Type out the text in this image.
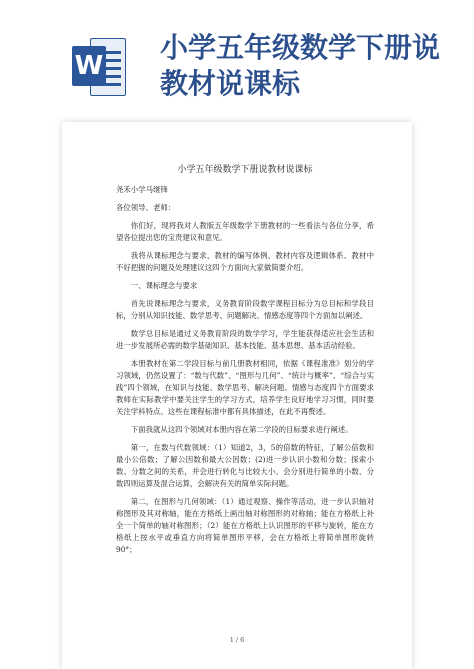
W
小学五年级数学下册说教材说课标
小学五年级数学下册说教材说课标

尧禾小学马继锋

各位领导、老师：

你们好，现将我对人教版五年级数学下册教材的一些看法与各位分享，希望各位提出您的宝贵建议和意见。

我将从课标理念与要求、教材的编写体例、教材内容及逻辑体系、教材中不好把握的问题及处理建议这四个方面向大家做简要介绍。

一、课标理念与要求

首先说课标理念与要求，义务教育阶段数学课程目标分为总目标和学段目标，分别从知识技能、数学思考、问题解决、情感态度等四个方面加以阐述。

数学总目标是通过义务教育阶段的数学学习，学生能获得适应社会生活和进一步发展所必需的数学基础知识、基本技能、基本思想、基本活动经验。

本册教材在第二学段目标与前几册教材相同，依据《课程准准》划分的学习领域，仍然设置了：“数与代数”、“图形与几何”、“统计与概率”、“综合与实践”四个领域，在知识与技能、数学思考、解决问题、情感与态度四个方面要求教师在实际教学中要关注学生的学习方式，培养学生良好地学习习惯，同时要关注学科特点。这些在课程标准中都有具体描述，在此不再赘述。

下面我就从这四个领域对本册内容在第二学段的目标要求进行阐述。

第一，在数与代数领域：（1）知道2，3，5的倍数的特征，了解公倍数和最小公倍数；了解公因数和最大公因数；(2)进一步认识小数和分数；探索小数、分数之间的关系，并会进行转化与比较大小。会分别进行简单的小数、分数四则运算及混合运算，会解决有关的简单实际问题。

第二，在图形与几何领域：（1）通过观察、操作等活动，进一步认识轴对称图形及其对称轴，能在方格纸上画出轴对称图形的对称轴；能在方格纸上补全一个简单的轴对称图形；（2）能在方格纸上认识图形的平移与旋转，能在方格纸上按水平或垂直方向将简单图形平移，会在方格纸上将简单图形旋转 90°；

1 / 6
